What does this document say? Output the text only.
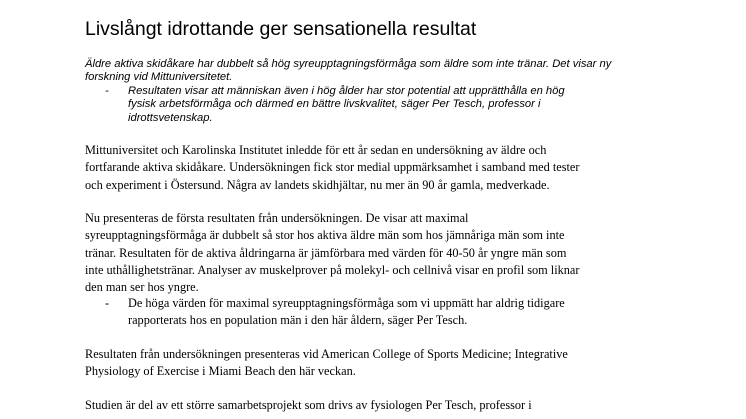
Livslångt idrottande ger sensationella resultat

Äldre aktiva skidåkare har dubbelt så hög syreupptagningsförmåga som äldre som inte tränar. Det visar ny forskning vid Mittuniversitetet.

- Resultaten visar att människan även i hög ålder har stor potential att upprätthålla en hög
fysisk arbetsförmåga och därmed en bättre livskvalitet, säger Per Tesch, professor i
idrottsvetenskap.

Mittuniversitet och Karolinska Institutet inledde för ett år sedan en undersökning av äldre och
fortfarande aktiva skidåkare. Undersökningen fick stor medial uppmärksamhet i samband med tester
och experiment i Östersund. Några av landets skidhjältar, nu mer än 90 år gamla, medverkade.

Nu presenteras de första resultaten från undersökningen. De visar att maximal
syreupptagningsförmåga är dubbelt så stor hos aktiva äldre män som hos jämnåriga män som inte
tränar. Resultaten för de aktiva åldringarna är jämförbara med värden för 40-50 år yngre män som
inte uthållighetstränar. Analyser av muskelprover på molekyl- och cellnivå visar en profil som liknar
den man ser hos yngre.

- De höga värden för maximal syreupptagningsförmåga som vi uppmätt har aldrig tidigare
rapporterats hos en population män i den här åldern, säger Per Tesch.

Resultaten från undersökningen presenteras vid American College of Sports Medicine; Integrative
Physiology of Exercise i Miami Beach den här veckan.

Studien är del av ett större samarbetsprojekt som drivs av fysiologen Per Tesch, professor i
